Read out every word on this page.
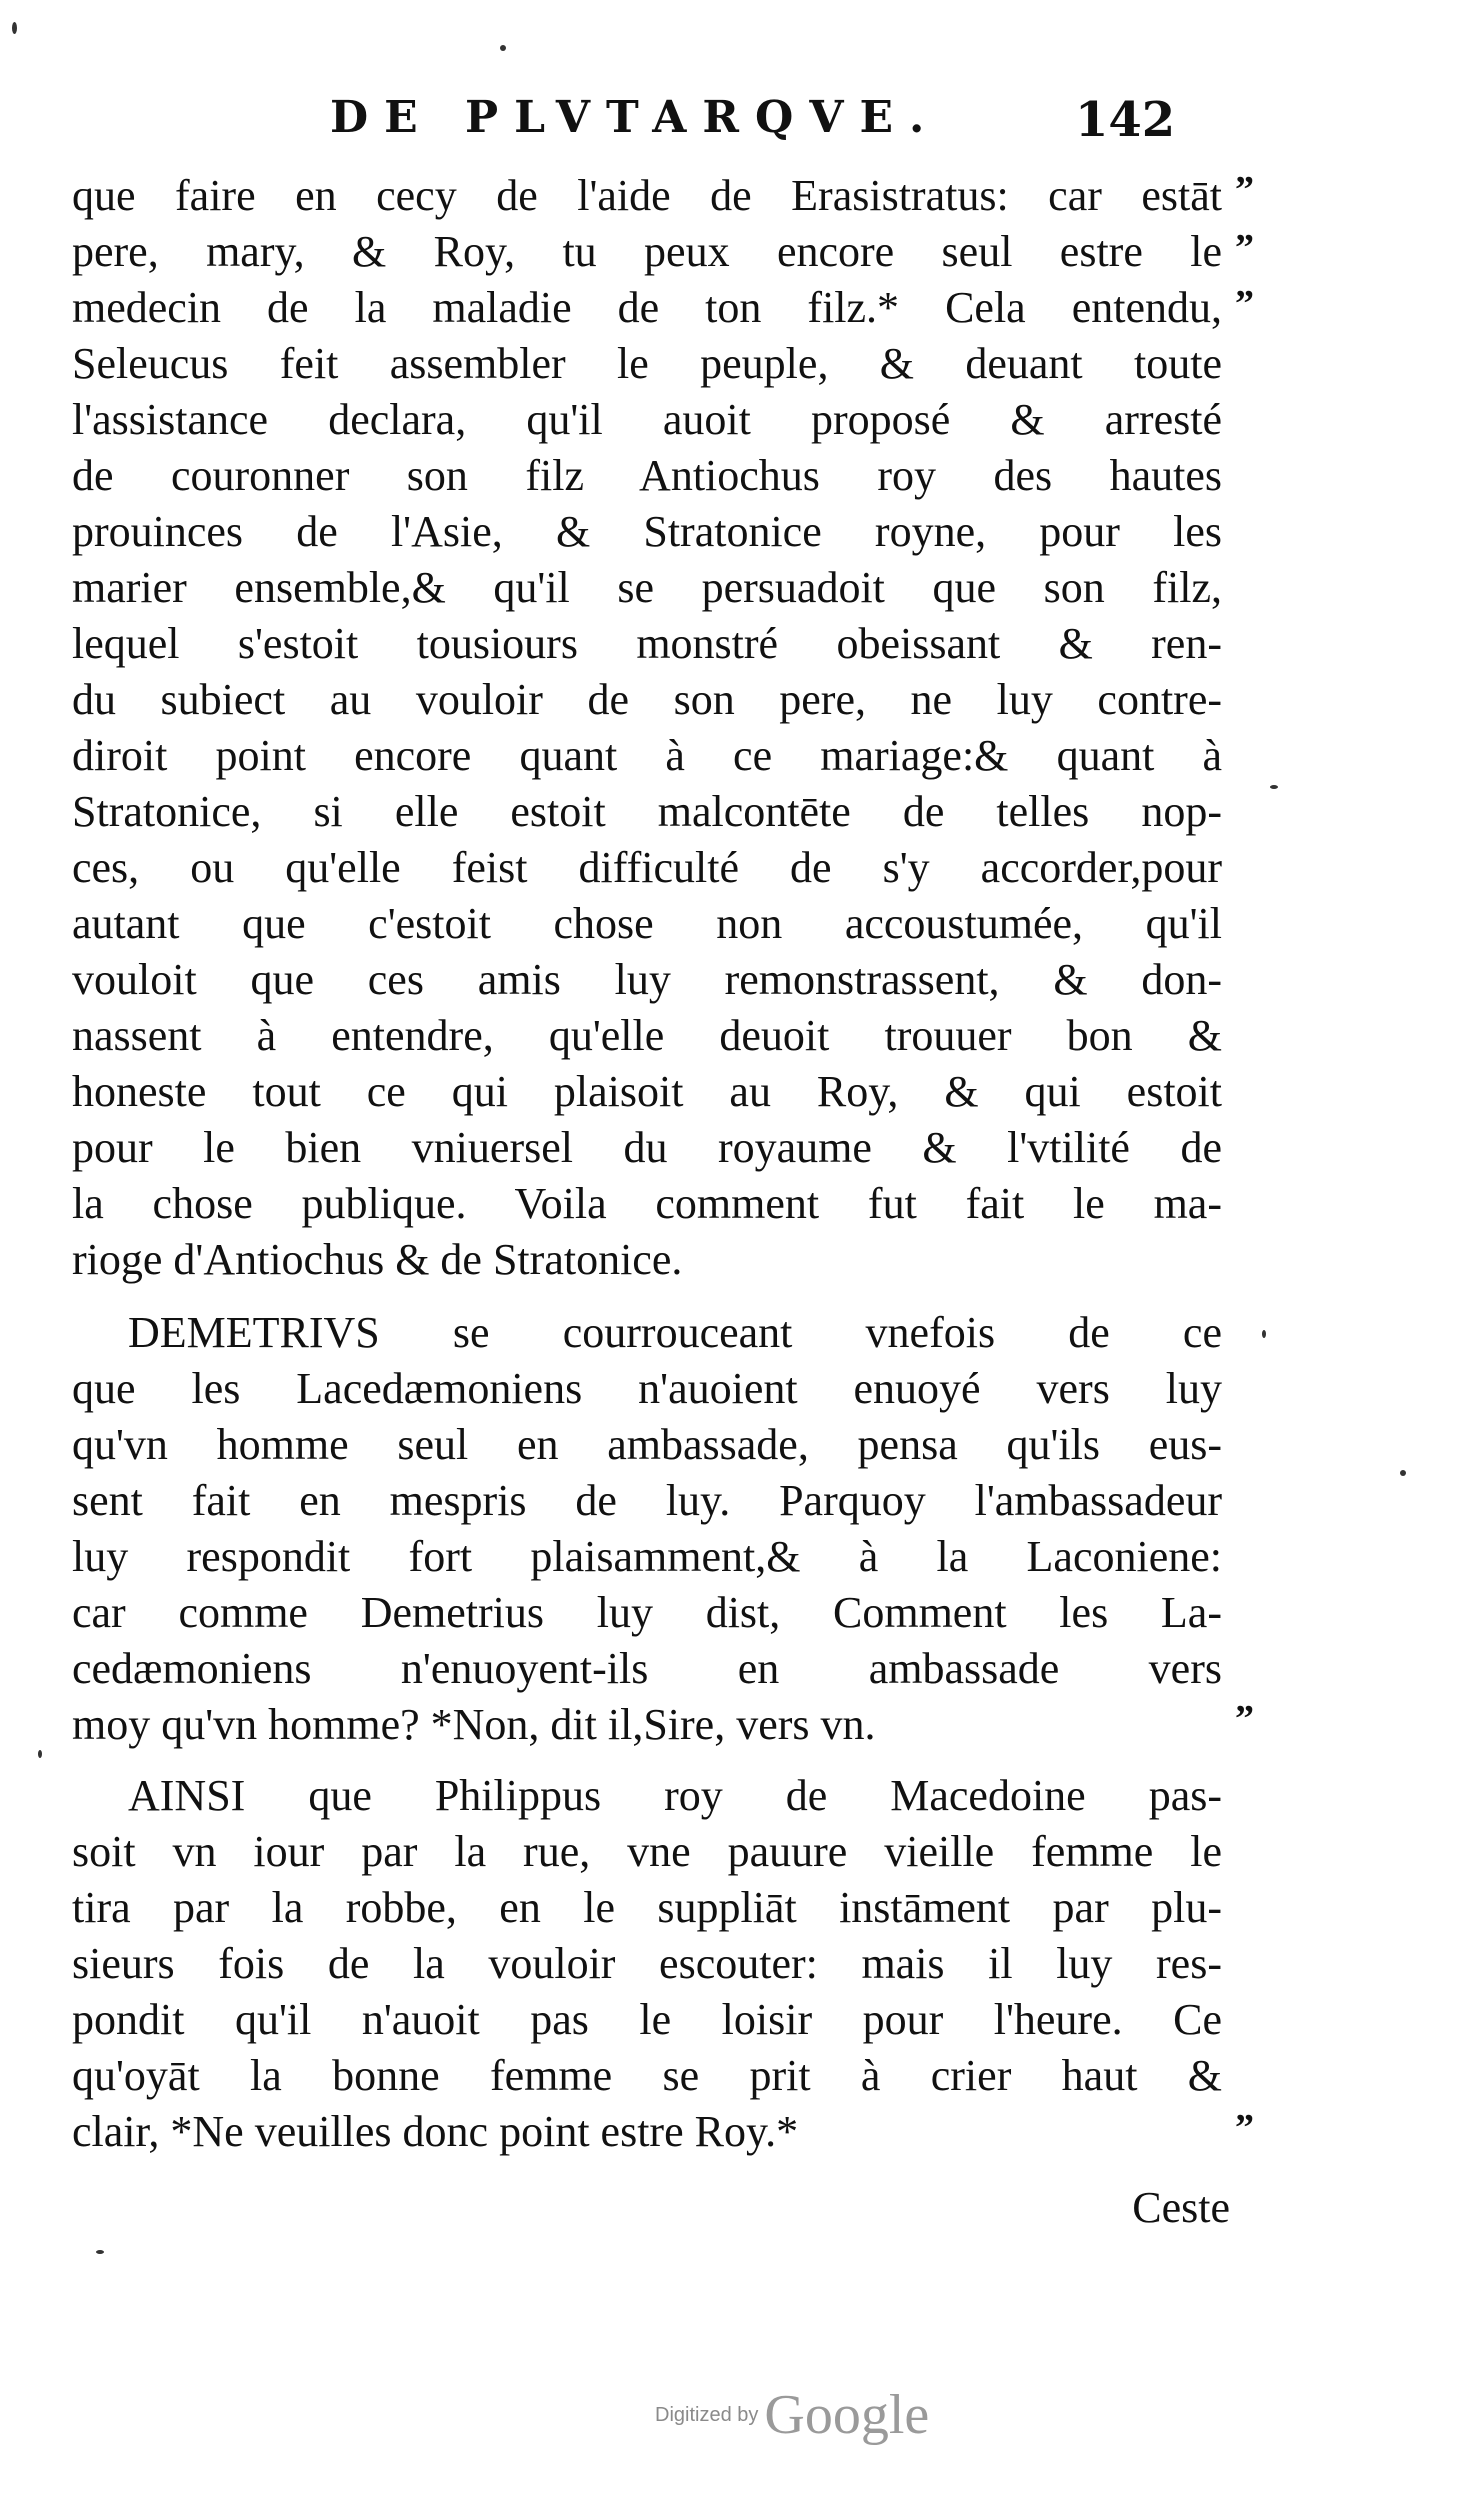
DE PLVTARQVE.	142
que faire en cecy de l'aide de Erasistratus: car estāt
pere, mary, & Roy, tu peux encore seul estre le
medecin de la maladie de ton filz.* Cela entendu,
Seleucus feit assembler le peuple, & deuant toute
l'assistance declara, qu'il auoit proposé & arresté
de couronner son filz Antiochus roy des hautes
prouinces de l'Asie, & Stratonice royne, pour les
marier ensemble,& qu'il se persuadoit que son filz,
lequel s'estoit tousiours monstré obeissant & ren-
du subiect au vouloir de son pere, ne luy contre-
diroit point encore quant à ce mariage:& quant à
Stratonice, si elle estoit malcontēte de telles nop-
ces, ou qu'elle feist difficulté de s'y accorder,pour
autant que c'estoit chose non accoustumée, qu'il
vouloit que ces amis luy remonstrassent, & don-
nassent à entendre, qu'elle deuoit trouuer bon &
honeste tout ce qui plaisoit au Roy, & qui estoit
pour le bien vniuersel du royaume & l'vtilité de
la chose publique. Voila comment fut fait le ma-
rioge d'Antiochus & de Stratonice.
DEMETRIVS se courrouceant vnefois de ce
que les Lacedæmoniens n'auoient enuoyé vers luy
qu'vn homme seul en ambassade, pensa qu'ils eus-
sent fait en mespris de luy. Parquoy l'ambassadeur
luy respondit fort plaisamment,& à la Laconiene:
car comme Demetrius luy dist, Comment les La-
cedæmoniens n'enuoyent-ils en ambassade vers
moy qu'vn homme? *Non, dit il,Sire, vers vn.
AINSI que Philippus roy de Macedoine pas-
soit vn iour par la rue, vne pauure vieille femme le
tira par la robbe, en le suppliāt instāment par plu-
sieurs fois de la vouloir escouter: mais il luy res-
pondit qu'il n'auoit pas le loisir pour l'heure. Ce
qu'oyāt la bonne femme se prit à crier haut &
clair, *Ne veuilles donc point estre Roy.*
Ceste
”
”
”
”
”
Digitized by Google
